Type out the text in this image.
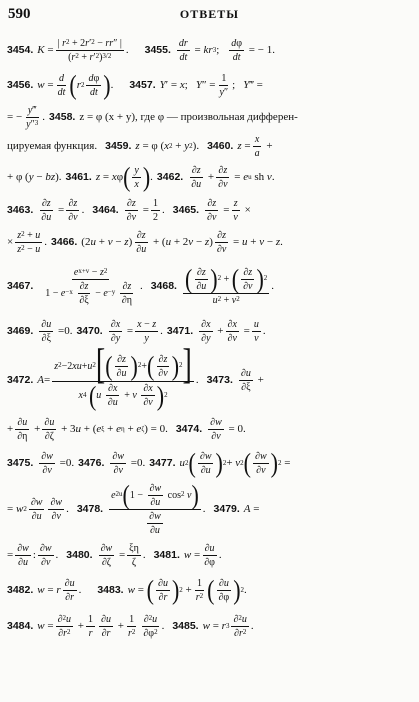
590	ОТВЕТЫ
3454. $K = \frac{| r 2 + 2 r ' 2 - rr '' |}{( r 2 + r ' 2 ) 3/2}$ . 3455. $\frac{dr}{dt}$ = kr 3 ; $\frac{\text{d φ}}{dt}$ = − 1.
3456. $w = \frac{d}{dt}$ ( r $2 \frac{\text{d φ}}{dt}$ ) . 3457. Y ′ = x ; Y ″ = $\frac{1}{y ''}$ ; Y ‴ =
= − $\frac{y ‴}{y '' 3}$ . 3458. z = φ (x + y), где φ — произвольная дифферен-
цируемая функция. 3459. z = φ ( x 2 + y 2 ). 3460. $z = \frac{x}{a}$ +
+ φ ( y − bz ). 3461. z = x φ ( $\frac{y}{x}$ ) . 3462. $\frac{\partial z}{\partial u} + \frac{\partial z}{\partial v} = e$ u sh v .
3463. $\frac{\partial z}{\partial u} = \frac{\partial z}{\partial v}$ . 3464. $\frac{\partial z}{\partial v} = \frac{1}{2}$ . 3465. $\frac{\partial z}{\partial v} = \frac{z}{v}$ ×
× $\frac{z 2 + u}{z 2 - u}$ . 3466. (2 u + v − z ) $\frac{\partial z}{\partial u}$ + ( u + 2 v − z ) $\frac{\partial z}{\partial v} = u + v - z$ .
3467. e x+v − z 2
1 − e −x
$\frac{\partial z}{\partial\xi} - e -y$
$\frac{\partial z}{\partial\eta}$ . 3468. $\frac{( \frac{\partial z}{\partial u} ) 2 + ( \frac{\partial z}{\partial v} ) 2}{u 2 + v 2}$ .
3469. $\frac{\partial u}{\partial\xi} =0$. 3470. $\frac{\partial x}{\partial y} = \frac{x - z}{y}$ . 3471. $\frac{\partial x}{\partial y} + \frac{\partial x}{\partial v} = \frac{u}{v}$ .
3472. A = z 2 −2 xu + u 2 [ ( $\frac{\partial z}{\partial u}$ ) 2 + ( $\frac{\partial z}{\partial v}$ ) 2 ]
x 4
( u
$\frac{\partial x}{\partial u} + v$
$\frac{\partial x}{\partial v}$ ) 2 . 3473. $\frac{\partial u}{\partial\xi}$ +
+ $\frac{\partial u}{\partial\eta} + \frac{\partial u}{\partial\zeta} + 3$ u + ( e ξ + e η + e ζ ) = 0. 3474. $\frac{\partial w}{\partial v} = 0$.
3475. $\frac{\partial w}{\partial v} =0$. 3476. $\frac{\partial w}{\partial v} =0$. 3477. u 2 ( $\frac{\partial w}{\partial u}$ ) 2 + v 2 ( $\frac{\partial w}{\partial v}$ ) 2 =
= w $2 \frac{\partial w}{\partial u} \frac{\partial w}{\partial v}$ . 3478. e 2u ( $1 - \frac{\partial w}{\partial u}$ cos 2
v )
$\frac{\partial w}{\partial u}$ . 3479. A =
= $\frac{\partial w}{\partial u}$ : $\frac{\partial w}{\partial v}$ . 3480. $\frac{\partial w}{\partial\zeta} = \frac{\xi\eta}{\zeta}$ . 3481. $w = \frac{\partial u}{\partial\varphi}$ .
3482. w = r $\frac{\partial u}{\partial r}$ . 3483. w = ( $\frac{\partial u}{\partial r}$ ) $2 + \frac{1}{r 2}$ ( $\frac{\partial u}{\partial\varphi}$ ) 2 .
3484. $w = \frac{\partial 2 u}{\partial r 2} + \frac{1}{r} \frac{\partial u}{\partial r} + \frac{1}{r 2} \frac{\partial 2 u}{\partial\varphi 2}$ . 3485. w = r $3 \frac{\partial 2 u}{\partial r 2}$ .
